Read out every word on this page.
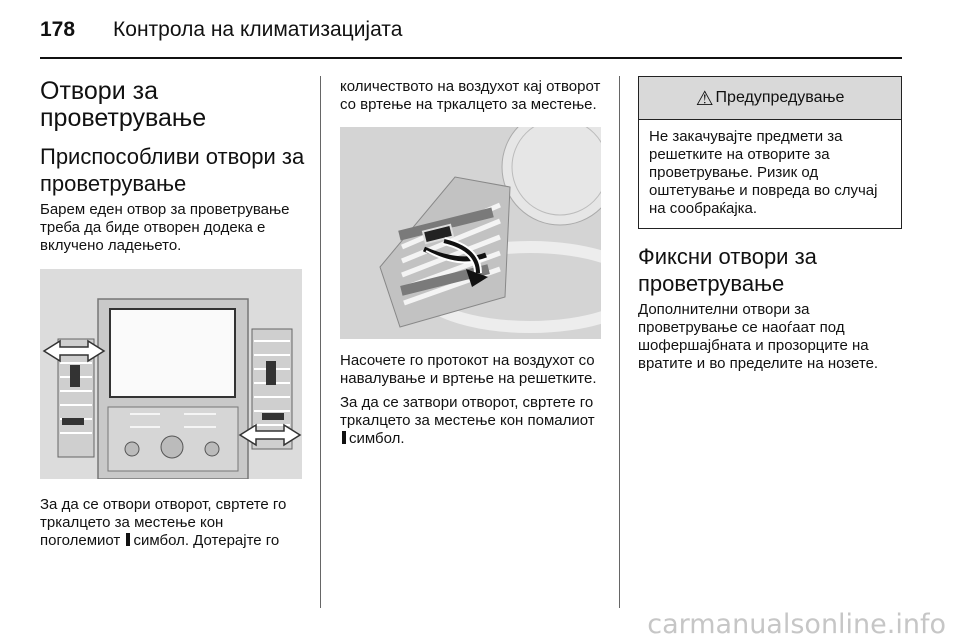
178 Контрола на климатизацијата
Отвори за проветрување
Приспособливи отвори за проветрување

Барем еден отвор за проветрување треба да биде отворен додека е вклучено ладењето.

За да се отвори отворот, свртете го тркалцето за местење кон поголемиот симбол. Дотерајте го

количеството на воздухот кај отворот со вртење на тркалцето за местење.

Насочете го протокот на воздухот со навалување и вртење на решетките.

За да се затвори отворот, свртете го тркалцето за местење кон помалиот симбол.

⚠ Предупредување

Не закачувајте предмети за решетките на отворите за проветрување. Ризик од оштетување и повреда во случај на сообраќајка.

Фиксни отвори за проветрување

Дополнителни отвори за проветрување се наоѓаат под шофершајбната и прозорците на вратите и во пределите на нозете.

carmanualsonline.info
